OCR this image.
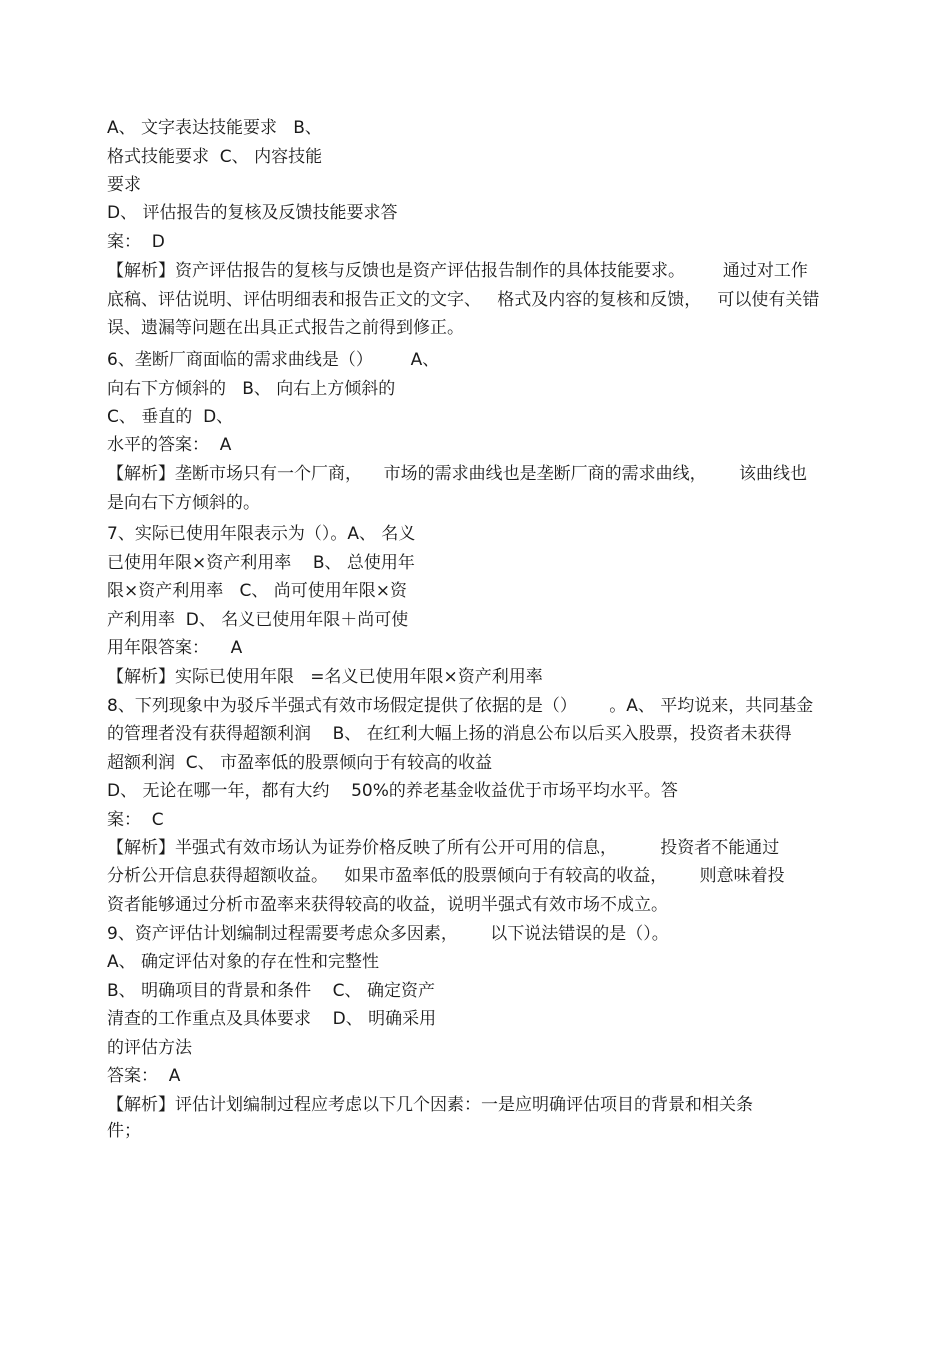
A、 文字表达技能要求   B、
格式技能要求  C、 内容技能
要求
D、 评估报告的复核及反馈技能要求答
案：  D
【解析】资产评估报告的复核与反馈也是资产评估报告制作的具体技能要求。       通过对工作
底稿、评估说明、评估明细表和报告正文的文字、   格式及内容的复核和反馈，   可以使有关错
误、遗漏等问题在出具正式报告之前得到修正。
6、垄断厂商面临的需求曲线是（）       A、
向右下方倾斜的   B、 向右上方倾斜的
C、 垂直的  D、
水平的答案：  A
【解析】垄断市场只有一个厂商，    市场的需求曲线也是垄断厂商的需求曲线，      该曲线也
是向右下方倾斜的。
7、实际已使用年限表示为（）。A、 名义
已使用年限×资产利用率    B、 总使用年
限×资产利用率   C、 尚可使用年限×资
产利用率  D、 名义已使用年限＋尚可使
用年限答案：    A
【解析】实际已使用年限   =名义已使用年限×资产利用率
8、下列现象中为驳斥半强式有效市场假定提供了依据的是（）      。A、 平均说来，共同基金
的管理者没有获得超额利润    B、 在红利大幅上扬的消息公布以后买入股票，投资者未获得
超额利润  C、 市盈率低的股票倾向于有较高的收益
D、 无论在哪一年，都有大约    50%的养老基金收益优于市场平均水平。答
案：  C
【解析】半强式有效市场认为证券价格反映了所有公开可用的信息，        投资者不能通过
分析公开信息获得超额收益。   如果市盈率低的股票倾向于有较高的收益，      则意味着投
资者能够通过分析市盈率来获得较高的收益，说明半强式有效市场不成立。
9、资产评估计划编制过程需要考虑众多因素，      以下说法错误的是（）。
A、 确定评估对象的存在性和完整性
B、 明确项目的背景和条件    C、 确定资产
清查的工作重点及具体要求    D、 明确采用
的评估方法
答案：  A
【解析】评估计划编制过程应考虑以下几个因素：一是应明确评估项目的背景和相关条
件；
